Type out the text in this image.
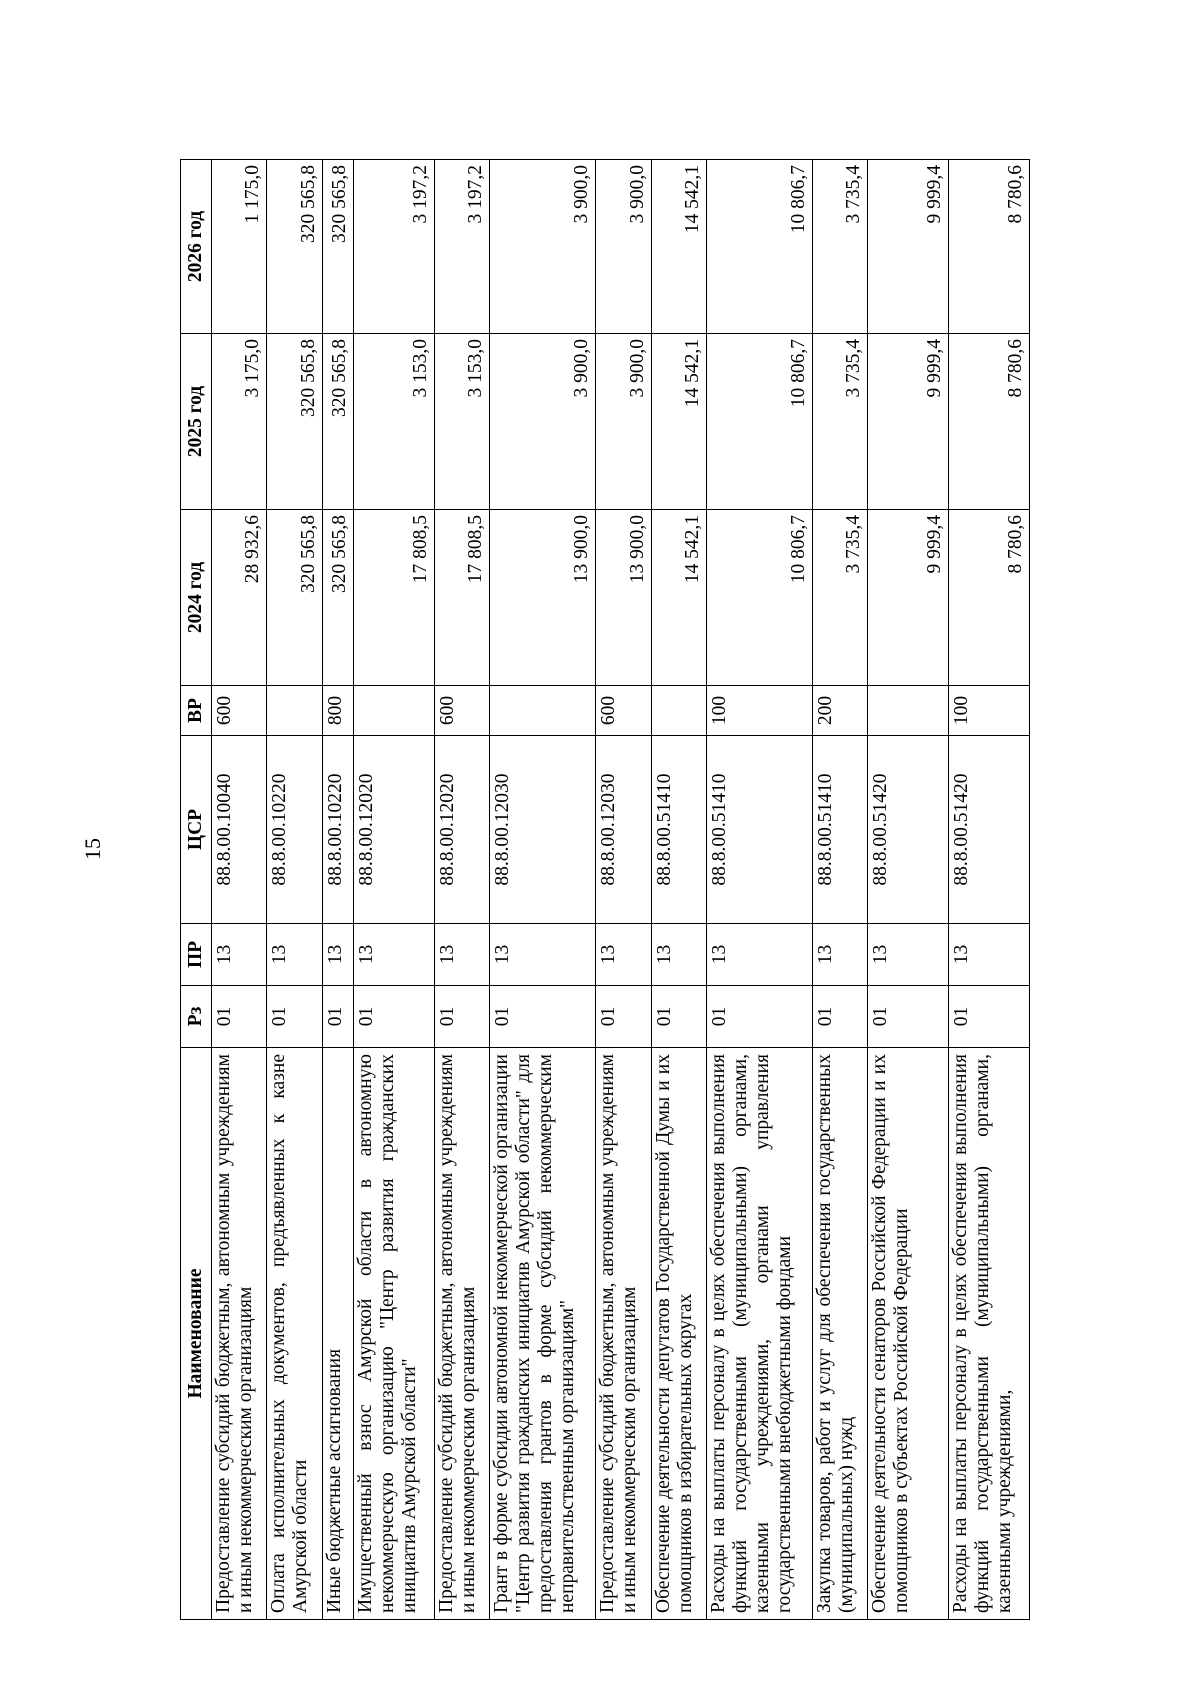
15
Наименование	Рз	ПР	ЦСР	ВР	2024 год	2025 год	2026 год
Предоставление субсидий бюджетным, автономным учреждениям и иным некоммерческим организациям	01	13	88.8.00.10040	600	28 932,6	3 175,0	1 175,0
Оплата исполнительных документов, предъявленных к казне Амурской области	01	13	88.8.00.10220		320 565,8	320 565,8	320 565,8
Иные бюджетные ассигнования	01	13	88.8.00.10220	800	320 565,8	320 565,8	320 565,8
Имущественный взнос Амурской области в автономную некоммерческую организацию "Центр развития гражданских инициатив Амурской области"	01	13	88.8.00.12020		17 808,5	3 153,0	3 197,2
Предоставление субсидий бюджетным, автономным учреждениям и иным некоммерческим организациям	01	13	88.8.00.12020	600	17 808,5	3 153,0	3 197,2
Грант в форме субсидии автономной некоммерческой организации "Центр развития гражданских инициатив Амурской области" для предоставления грантов в форме субсидий некоммерческим неправительственным организациям"	01	13	88.8.00.12030		13 900,0	3 900,0	3 900,0
Предоставление субсидий бюджетным, автономным учреждениям и иным некоммерческим организациям	01	13	88.8.00.12030	600	13 900,0	3 900,0	3 900,0
Обеспечение деятельности депутатов Государственной Думы и их помощников в избирательных округах	01	13	88.8.00.51410		14 542,1	14 542,1	14 542,1
Расходы на выплаты персоналу в целях обеспечения выполнения функций государственными (муниципальными) органами, казенными учреждениями, органами управления государственными внебюджетными фондами	01	13	88.8.00.51410	100	10 806,7	10 806,7	10 806,7
Закупка товаров, работ и услуг для обеспечения государственных (муниципальных) нужд	01	13	88.8.00.51410	200	3 735,4	3 735,4	3 735,4
Обеспечение деятельности сенаторов Российской Федерации и их помощников в субъектах Российской Федерации	01	13	88.8.00.51420		9 999,4	9 999,4	9 999,4
Расходы на выплаты персоналу в целях обеспечения выполнения функций государственными (муниципальными) органами, казенными учреждениями,	01	13	88.8.00.51420	100	8 780,6	8 780,6	8 780,6
